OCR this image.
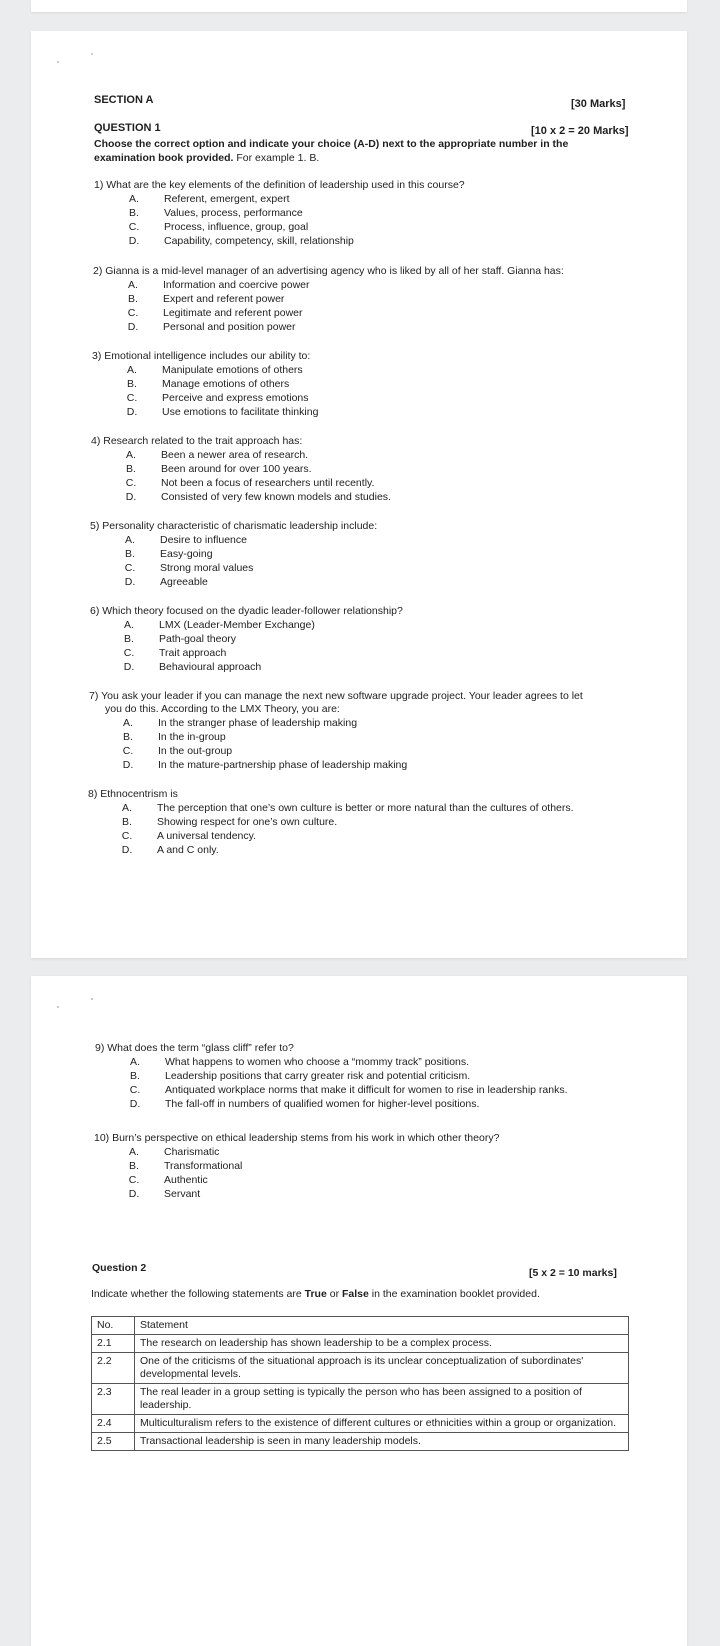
SECTION A	[30 Marks]
QUESTION 1	[10 x 2 = 20 Marks]
Choose the correct option and indicate your choice (A-D) next to the appropriate number in the
examination book provided. For example 1. B.
1) What are the key elements of the definition of leadership used in this course?
A.	Referent, emergent, expert
B.	Values, process, performance
C.	Process, influence, group, goal
D.	Capability, competency, skill, relationship
2) Gianna is a mid-level manager of an advertising agency who is liked by all of her staff. Gianna has:
A.	Information and coercive power
B.	Expert and referent power
C.	Legitimate and referent power
D.	Personal and position power
3) Emotional intelligence includes our ability to:
A.	Manipulate emotions of others
B.	Manage emotions of others
C.	Perceive and express emotions
D.	Use emotions to facilitate thinking
4) Research related to the trait approach has:
A.	Been a newer area of research.
B.	Been around for over 100 years.
C.	Not been a focus of researchers until recently.
D.	Consisted of very few known models and studies.
5) Personality characteristic of charismatic leadership include:
A.	Desire to influence
B.	Easy-going
C.	Strong moral values
D.	Agreeable
6) Which theory focused on the dyadic leader-follower relationship?
A.	LMX (Leader-Member Exchange)
B.	Path-goal theory
C.	Trait approach
D.	Behavioural approach
7) You ask your leader if you can manage the next new software upgrade project. Your leader agrees to let
you do this. According to the LMX Theory, you are:
A.	In the stranger phase of leadership making
B.	In the in-group
C.	In the out-group
D.	In the mature-partnership phase of leadership making
8) Ethnocentrism is
A.	The perception that one’s own culture is better or more natural than the cultures of others.
B.	Showing respect for one’s own culture.
C.	A universal tendency.
D.	A and C only.
9) What does the term “glass cliff” refer to?
A.	What happens to women who choose a “mommy track” positions.
B.	Leadership positions that carry greater risk and potential criticism.
C.	Antiquated workplace norms that make it difficult for women to rise in leadership ranks.
D.	The fall-off in numbers of qualified women for higher-level positions.
10) Burn’s perspective on ethical leadership stems from his work in which other theory?
A.	Charismatic
B.	Transformational
C.	Authentic
D.	Servant
Question 2	[5 x 2 = 10 marks]
Indicate whether the following statements are True or False in the examination booklet provided.
No.	Statement
2.1	The research on leadership has shown leadership to be a complex process.
2.2	One of the criticisms of the situational approach is its unclear conceptualization of subordinates' developmental levels.
2.3	The real leader in a group setting is typically the person who has been assigned to a position of leadership.
2.4	Multiculturalism refers to the existence of different cultures or ethnicities within a group or organization.
2.5	Transactional leadership is seen in many leadership models.
